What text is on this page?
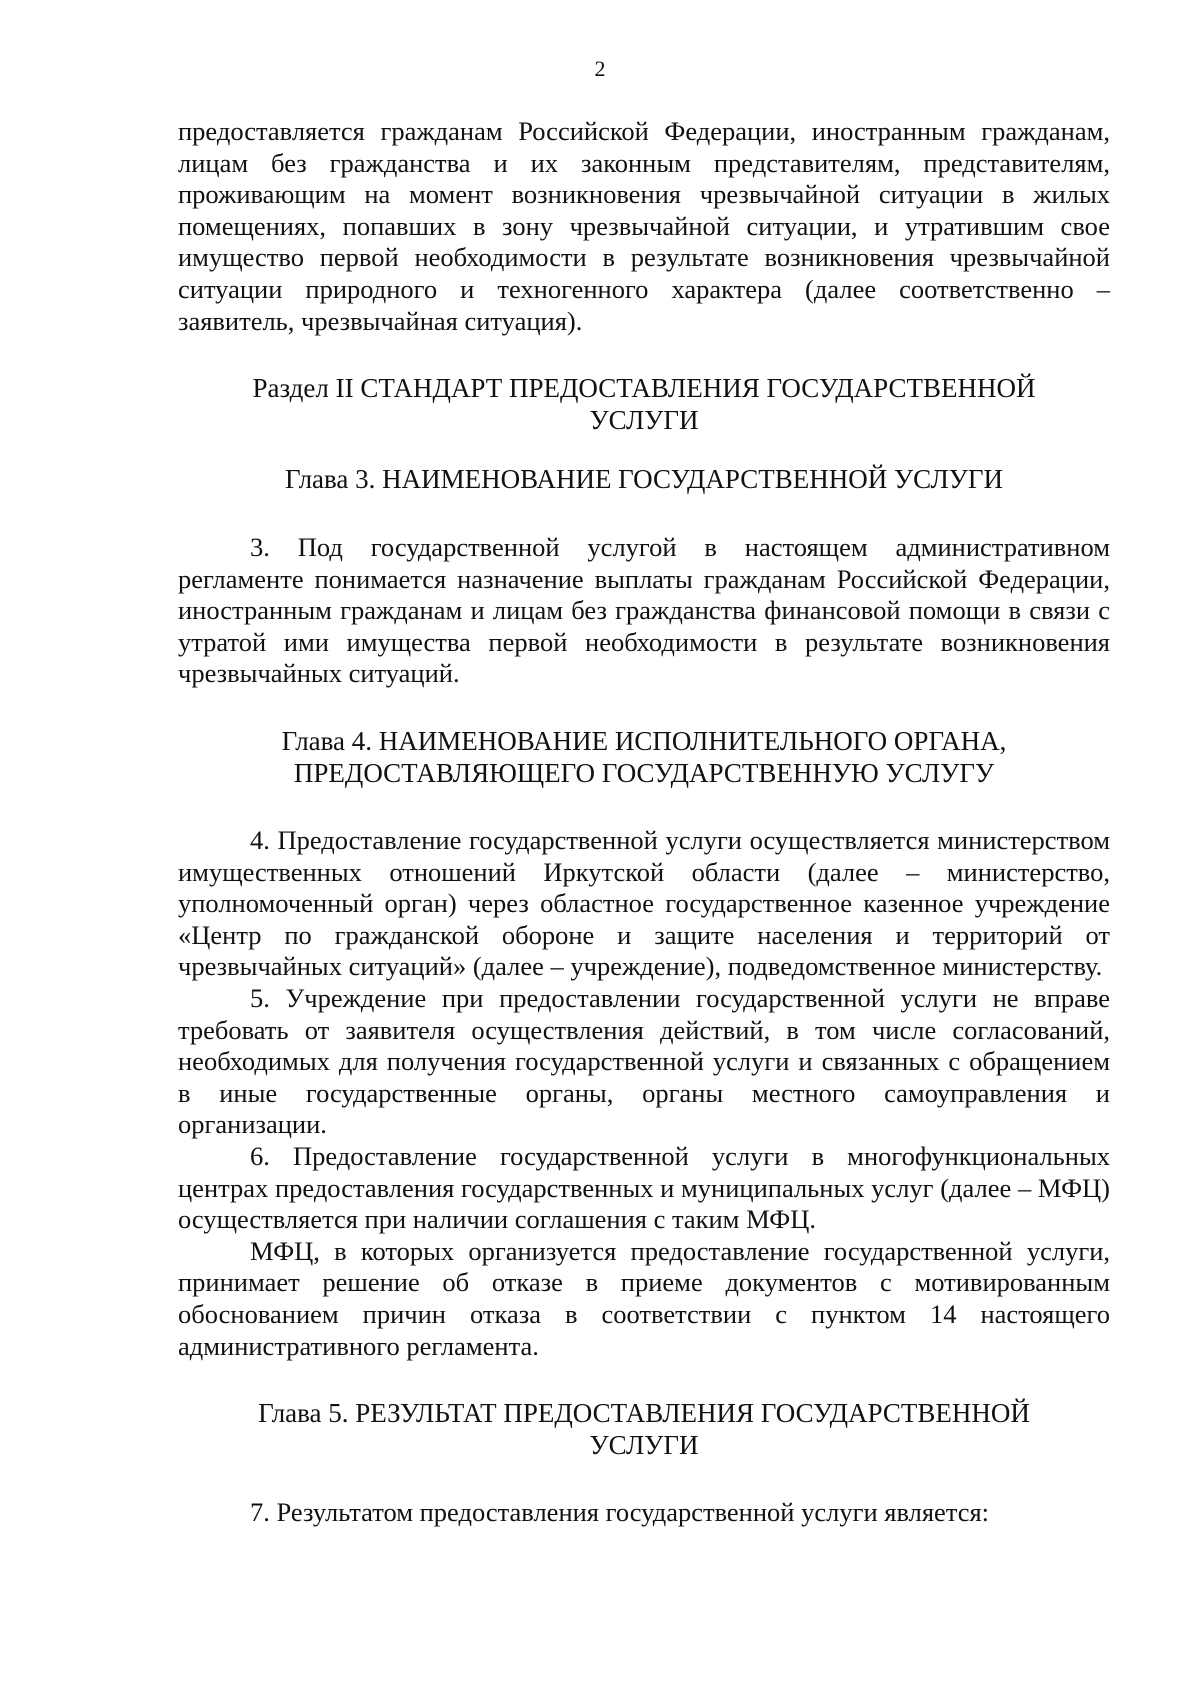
2

предоставляется гражданам Российской Федерации, иностранным гражданам, лицам без гражданства и их законным представителям, представителям, проживающим на момент возникновения чрезвычайной ситуации в жилых помещениях, попавших в зону чрезвычайной ситуации, и утратившим свое имущество первой необходимости в результате возникновения чрезвычайной ситуации природного и техногенного характера (далее соответственно – заявитель, чрезвычайная ситуация).

Раздел II СТАНДАРТ ПРЕДОСТАВЛЕНИЯ ГОСУДАРСТВЕННОЙ
УСЛУГИ
Глава 3. НАИМЕНОВАНИЕ ГОСУДАРСТВЕННОЙ УСЛУГИ

3. Под государственной услугой в настоящем административном регламенте понимается назначение выплаты гражданам Российской Федерации, иностранным гражданам и лицам без гражданства финансовой помощи в связи с утратой ими имущества первой необходимости в результате возникновения чрезвычайных ситуаций.

Глава 4. НАИМЕНОВАНИЕ ИСПОЛНИТЕЛЬНОГО ОРГАНА,
ПРЕДОСТАВЛЯЮЩЕГО ГОСУДАРСТВЕННУЮ УСЛУГУ

4. Предоставление государственной услуги осуществляется министерством имущественных отношений Иркутской области (далее – министерство, уполномоченный орган) через областное государственное казенное учреждение «Центр по гражданской обороне и защите населения и территорий от чрезвычайных ситуаций» (далее – учреждение), подведомственное министерству.

5. Учреждение при предоставлении государственной услуги не вправе требовать от заявителя осуществления действий, в том числе согласований, необходимых для получения государственной услуги и связанных с обращением в иные государственные органы, органы местного самоуправления и организации.

6. Предоставление государственной услуги в многофункциональных центрах предоставления государственных и муниципальных услуг (далее – МФЦ) осуществляется при наличии соглашения с таким МФЦ.

МФЦ, в которых организуется предоставление государственной услуги, принимает решение об отказе в приеме документов с мотивированным обоснованием причин отказа в соответствии с пунктом 14 настоящего административного регламента.

Глава 5. РЕЗУЛЬТАТ ПРЕДОСТАВЛЕНИЯ ГОСУДАРСТВЕННОЙ
УСЛУГИ

7. Результатом предоставления государственной услуги является:
